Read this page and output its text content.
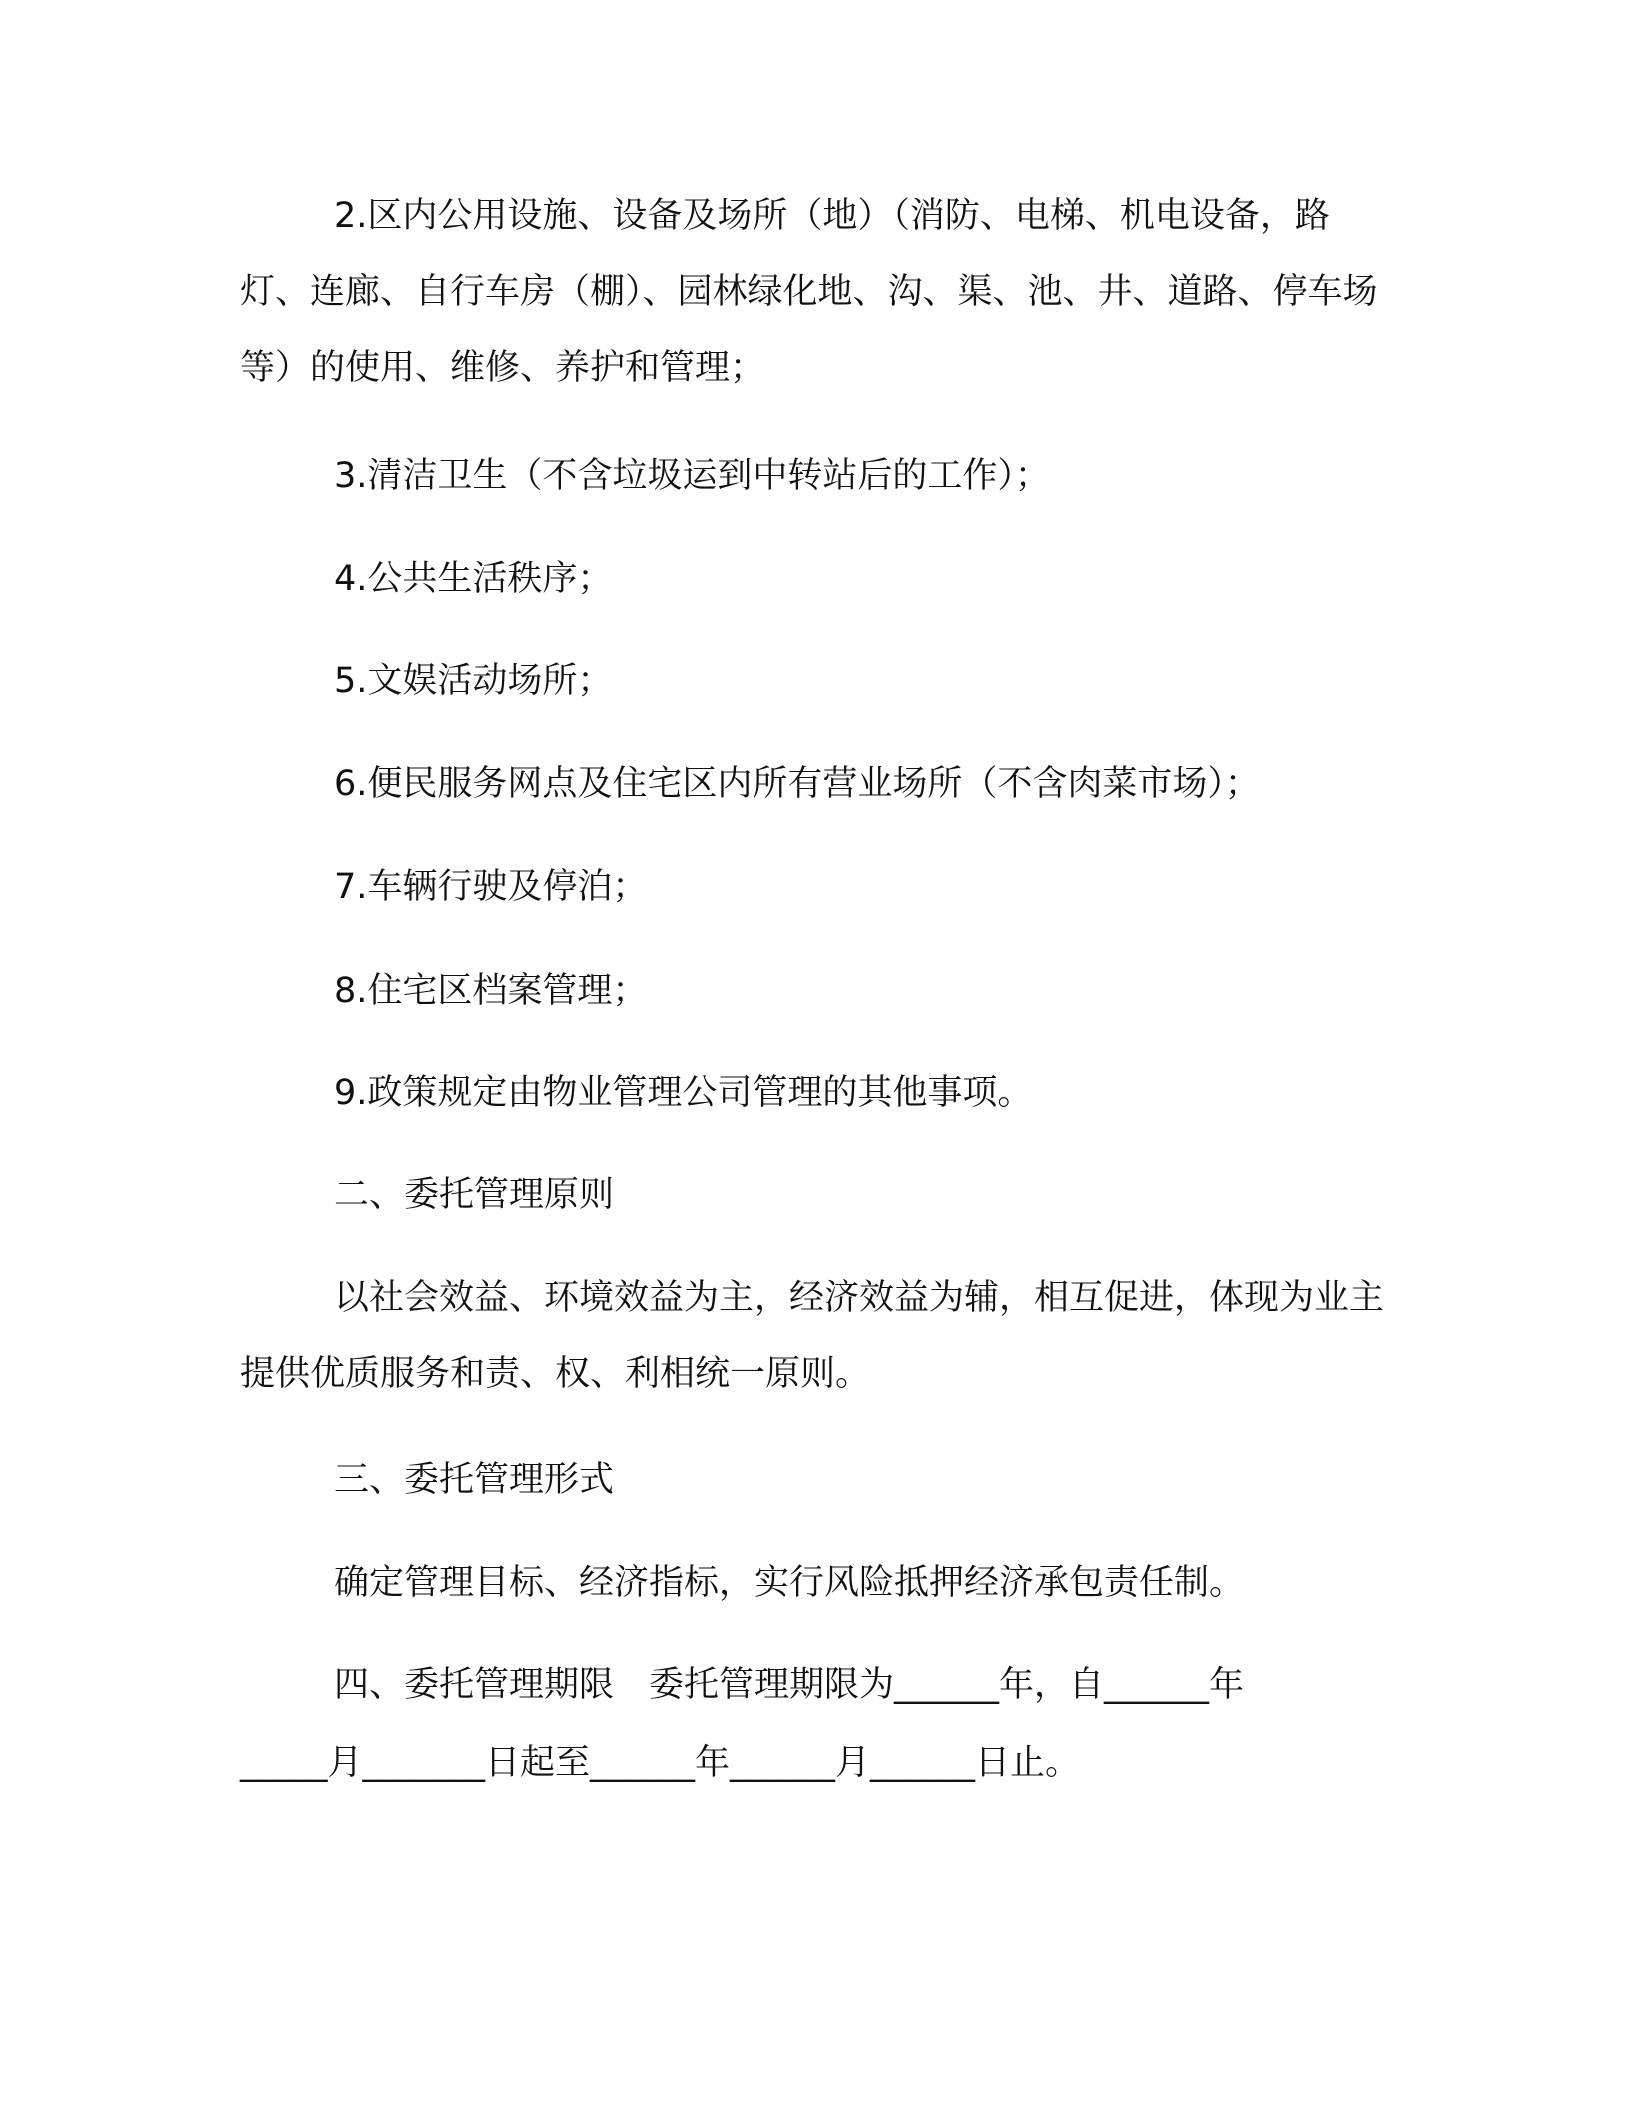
2.区内公用设施、设备及场所（地）（消防、电梯、机电设备，路灯、连廊、自行车房（棚）、园林绿化地、沟、渠、池、井、道路、停车场等）的使用、维修、养护和管理；

3.清洁卫生（不含垃圾运到中转站后的工作）；

4.公共生活秩序；

5.文娱活动场所；

6.便民服务网点及住宅区内所有营业场所（不含肉菜市场）；

7.车辆行驶及停泊；

8.住宅区档案管理；

9.政策规定由物业管理公司管理的其他事项。

二、委托管理原则

以社会效益、环境效益为主，经济效益为辅，相互促进，体现为业主提供优质服务和责、权、利相统一原则。

三、委托管理形式

确定管理目标、经济指标，实行风险抵押经济承包责任制。

四、委托管理期限　委托管理期限为______年，自______年

_____月_______日起至______年______月______日止。
